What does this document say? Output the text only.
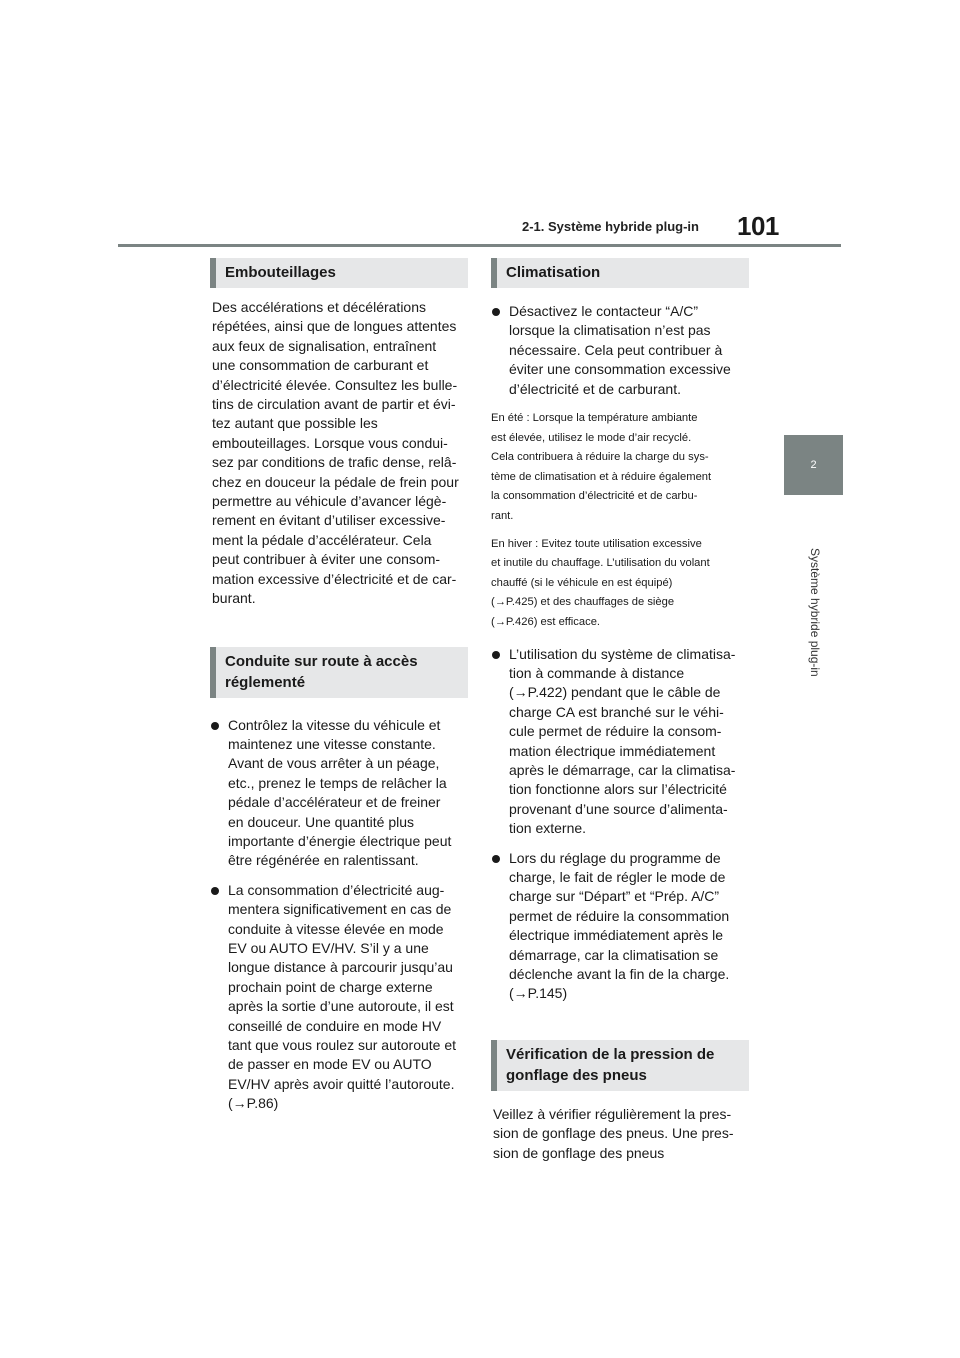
2-1. Système hybride plug-in 101
2
Système hybride plug-in
Embouteillages
Des accélérations et décélérations
répétées, ainsi que de longues attentes
aux feux de signalisation, entraînent
une consommation de carburant et
d’électricité élevée. Consultez les bulle-
tins de circulation avant de partir et évi-
tez autant que possible les
embouteillages. Lorsque vous condui-
sez par conditions de trafic dense, relâ-
chez en douceur la pédale de frein pour
permettre au véhicule d’avancer légè-
rement en évitant d’utiliser excessive-
ment la pédale d’accélérateur. Cela
peut contribuer à éviter une consom-
mation excessive d’électricité et de car-
burant.
Conduite sur route à accès
réglementé
Contrôlez la vitesse du véhicule et
maintenez une vitesse constante.
Avant de vous arrêter à un péage,
etc., prenez le temps de relâcher la
pédale d’accélérateur et de freiner
en douceur. Une quantité plus
importante d’énergie électrique peut
être régénérée en ralentissant.
La consommation d’électricité aug-
mentera significativement en cas de
conduite à vitesse élevée en mode
EV ou AUTO EV/HV. S’il y a une
longue distance à parcourir jusqu’au
prochain point de charge externe
après la sortie d’une autoroute, il est
conseillé de conduire en mode HV
tant que vous roulez sur autoroute et
de passer en mode EV ou AUTO
EV/HV après avoir quitté l’autoroute.
(→P.86)
Climatisation
Désactivez le contacteur “A/C”
lorsque la climatisation n’est pas
nécessaire. Cela peut contribuer à
éviter une consommation excessive
d’électricité et de carburant.
En été : Lorsque la température ambiante
est élevée, utilisez le mode d’air recyclé.
Cela contribuera à réduire la charge du sys-
tème de climatisation et à réduire également
la consommation d’électricité et de carbu-
rant.
En hiver : Evitez toute utilisation excessive
et inutile du chauffage. L’utilisation du volant
chauffé (si le véhicule en est équipé)
(→P.425) et des chauffages de siège
(→P.426) est efficace.
L’utilisation du système de climatisa-
tion à commande à distance
(→P.422) pendant que le câble de
charge CA est branché sur le véhi-
cule permet de réduire la consom-
mation électrique immédiatement
après le démarrage, car la climatisa-
tion fonctionne alors sur l’électricité
provenant d’une source d’alimenta-
tion externe.
Lors du réglage du programme de
charge, le fait de régler le mode de
charge sur “Départ” et “Prép. A/C”
permet de réduire la consommation
électrique immédiatement après le
démarrage, car la climatisation se
déclenche avant la fin de la charge.
(→P.145)
Vérification de la pression de
gonflage des pneus
Veillez à vérifier régulièrement la pres-
sion de gonflage des pneus. Une pres-
sion de gonflage des pneus
